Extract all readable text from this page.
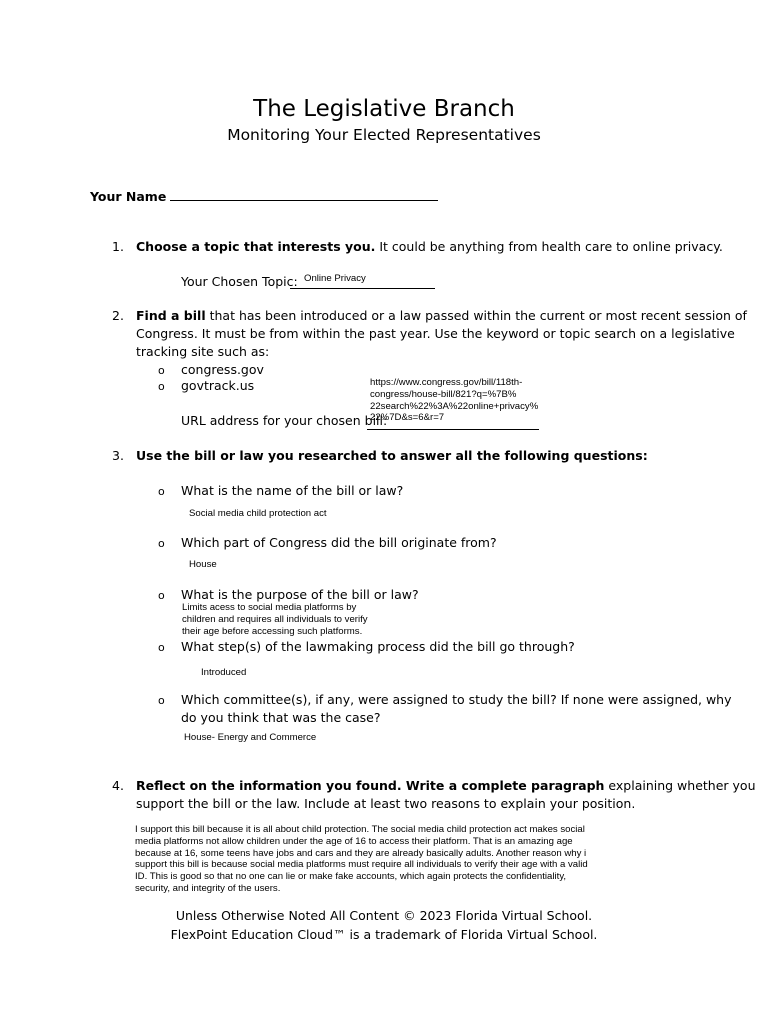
The Legislative Branch
Monitoring Your Elected Representatives
Your Name
1. Choose a topic that interests you. It could be anything from health care to online privacy.
Your Chosen Topic: Online Privacy
2. Find a bill that has been introduced or a law passed within the current or most recent session of
Congress. It must be from within the past year. Use the keyword or topic search on a legislative
tracking site such as:
o congress.gov
o govtrack.us	https://www.congress.gov/bill/118th-
congress/house-bill/821?q=%7B%
22search%22%3A%22online+privacy%
22%7D&s=6&r=7
URL address for your chosen bill:
3. Use the bill or law you researched to answer all the following questions:
o What is the name of the bill or law?
Social media child protection act
o Which part of Congress did the bill originate from?
House
o What is the purpose of the bill or law?
Limits acess to social media platforms by
children and requires all individuals to verify
their age before accessing such platforms.
o What step(s) of the lawmaking process did the bill go through?
Introduced
o Which committee(s), if any, were assigned to study the bill? If none were assigned, why
do you think that was the case?
House- Energy and Commerce
4. Reflect on the information you found. Write a complete paragraph explaining whether you
support the bill or the law. Include at least two reasons to explain your position.
I support this bill because it is all about child protection. The social media child protection act makes social
media platforms not allow children under the age of 16 to access their platform. That is an amazing age
because at 16, some teens have jobs and cars and they are already basically adults. Another reason why i
support this bill is because social media platforms must require all individuals to verify their age with a valid
ID. This is good so that no one can lie or make fake accounts, which again protects the confidentiality,
security, and integrity of the users.
Unless Otherwise Noted All Content © 2023 Florida Virtual School.
FlexPoint Education Cloud™ is a trademark of Florida Virtual School.
